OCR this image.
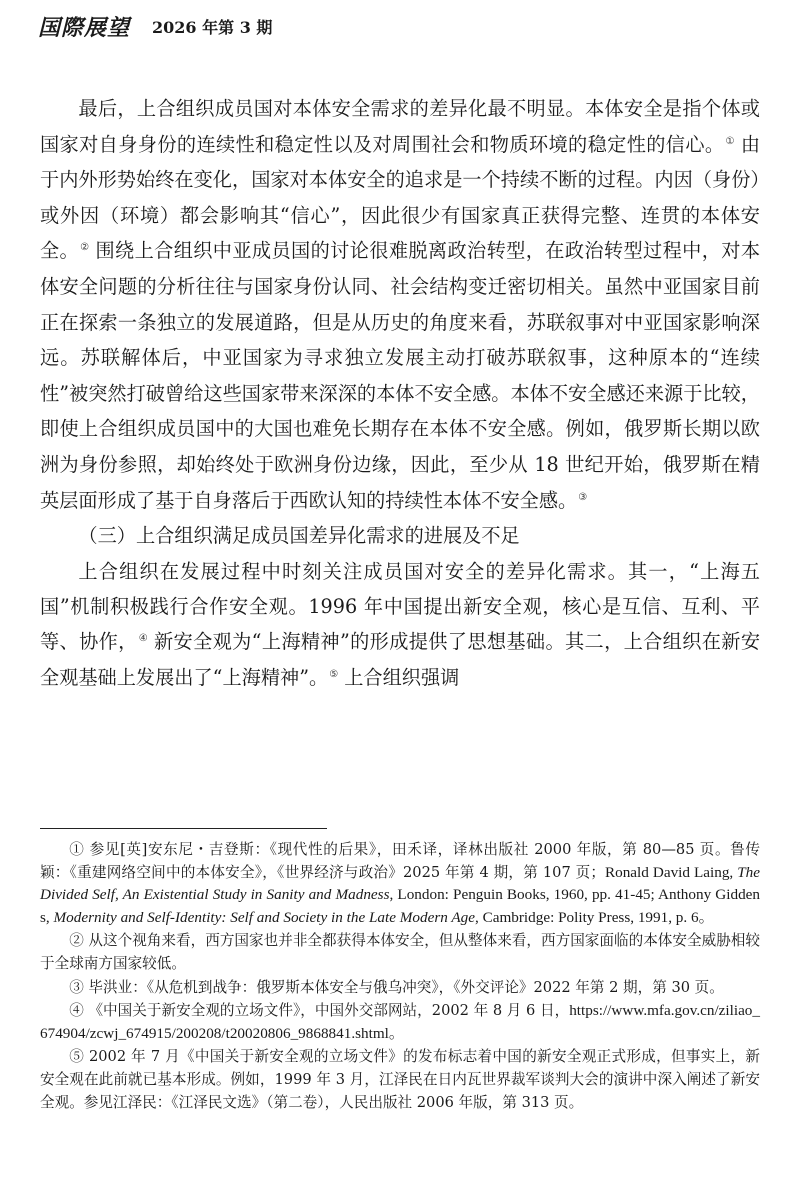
国際展望 2026 年第 3 期

最后，上合组织成员国对本体安全需求的差异化最不明显。本体安全是指个体或国家对自身身份的连续性和稳定性以及对周围社会和物质环境的稳定性的信心。① 由于内外形势始终在变化，国家对本体安全的追求是一个持续不断的过程。内因（身份）或外因（环境）都会影响其“信心”，因此很少有国家真正获得完整、连贯的本体安全。② 围绕上合组织中亚成员国的讨论很难脱离政治转型，在政治转型过程中，对本体安全问题的分析往往与国家身份认同、社会结构变迁密切相关。虽然中亚国家目前正在探索一条独立的发展道路，但是从历史的角度来看，苏联叙事对中亚国家影响深远。苏联解体后，中亚国家为寻求独立发展主动打破苏联叙事，这种原本的“连续性”被突然打破曾给这些国家带来深深的本体不安全感。本体不安全感还来源于比较，即使上合组织成员国中的大国也难免长期存在本体不安全感。例如，俄罗斯长期以欧洲为身份参照，却始终处于欧洲身份边缘，因此，至少从 18 世纪开始，俄罗斯在精英层面形成了基于自身落后于西欧认知的持续性本体不安全感。③

（三）上合组织满足成员国差异化需求的进展及不足

上合组织在发展过程中时刻关注成员国对安全的差异化需求。其一，“上海五国”机制积极践行合作安全观。1996 年中国提出新安全观，核心是互信、互利、平等、协作，④ 新安全观为“上海精神”的形成提供了思想基础。其二，上合组织在新安全观基础上发展出了“上海精神”。⑤ 上合组织强调

① 参见[英]安东尼・吉登斯：《现代性的后果》，田禾译，译林出版社 2000 年版，第 80—85 页。鲁传颖：《重建网络空间中的本体安全》，《世界经济与政治》2025 年第 4 期，第 107 页；Ronald David Laing, The Divided Self, An Existential Study in Sanity and Madness, London: Penguin Books, 1960, pp. 41-45; Anthony Giddens, Modernity and Self-Identity: Self and Society in the Late Modern Age, Cambridge: Polity Press, 1991, p. 6。

② 从这个视角来看，西方国家也并非全都获得本体安全，但从整体来看，西方国家面临的本体安全威胁相较于全球南方国家较低。

③ 毕洪业：《从危机到战争：俄罗斯本体安全与俄乌冲突》，《外交评论》2022 年第 2 期，第 30 页。

④ 《中国关于新安全观的立场文件》，中国外交部网站，2002 年 8 月 6 日，https://www.mfa.gov.cn/ziliao_674904/zcwj_674915/200208/t20020806_9868841.shtml。

⑤ 2002 年 7 月《中国关于新安全观的立场文件》的发布标志着中国的新安全观正式形成，但事实上，新安全观在此前就已基本形成。例如，1999 年 3 月，江泽民在日内瓦世界裁军谈判大会的演讲中深入阐述了新安全观。参见江泽民：《江泽民文选》（第二卷），人民出版社 2006 年版，第 313 页。
